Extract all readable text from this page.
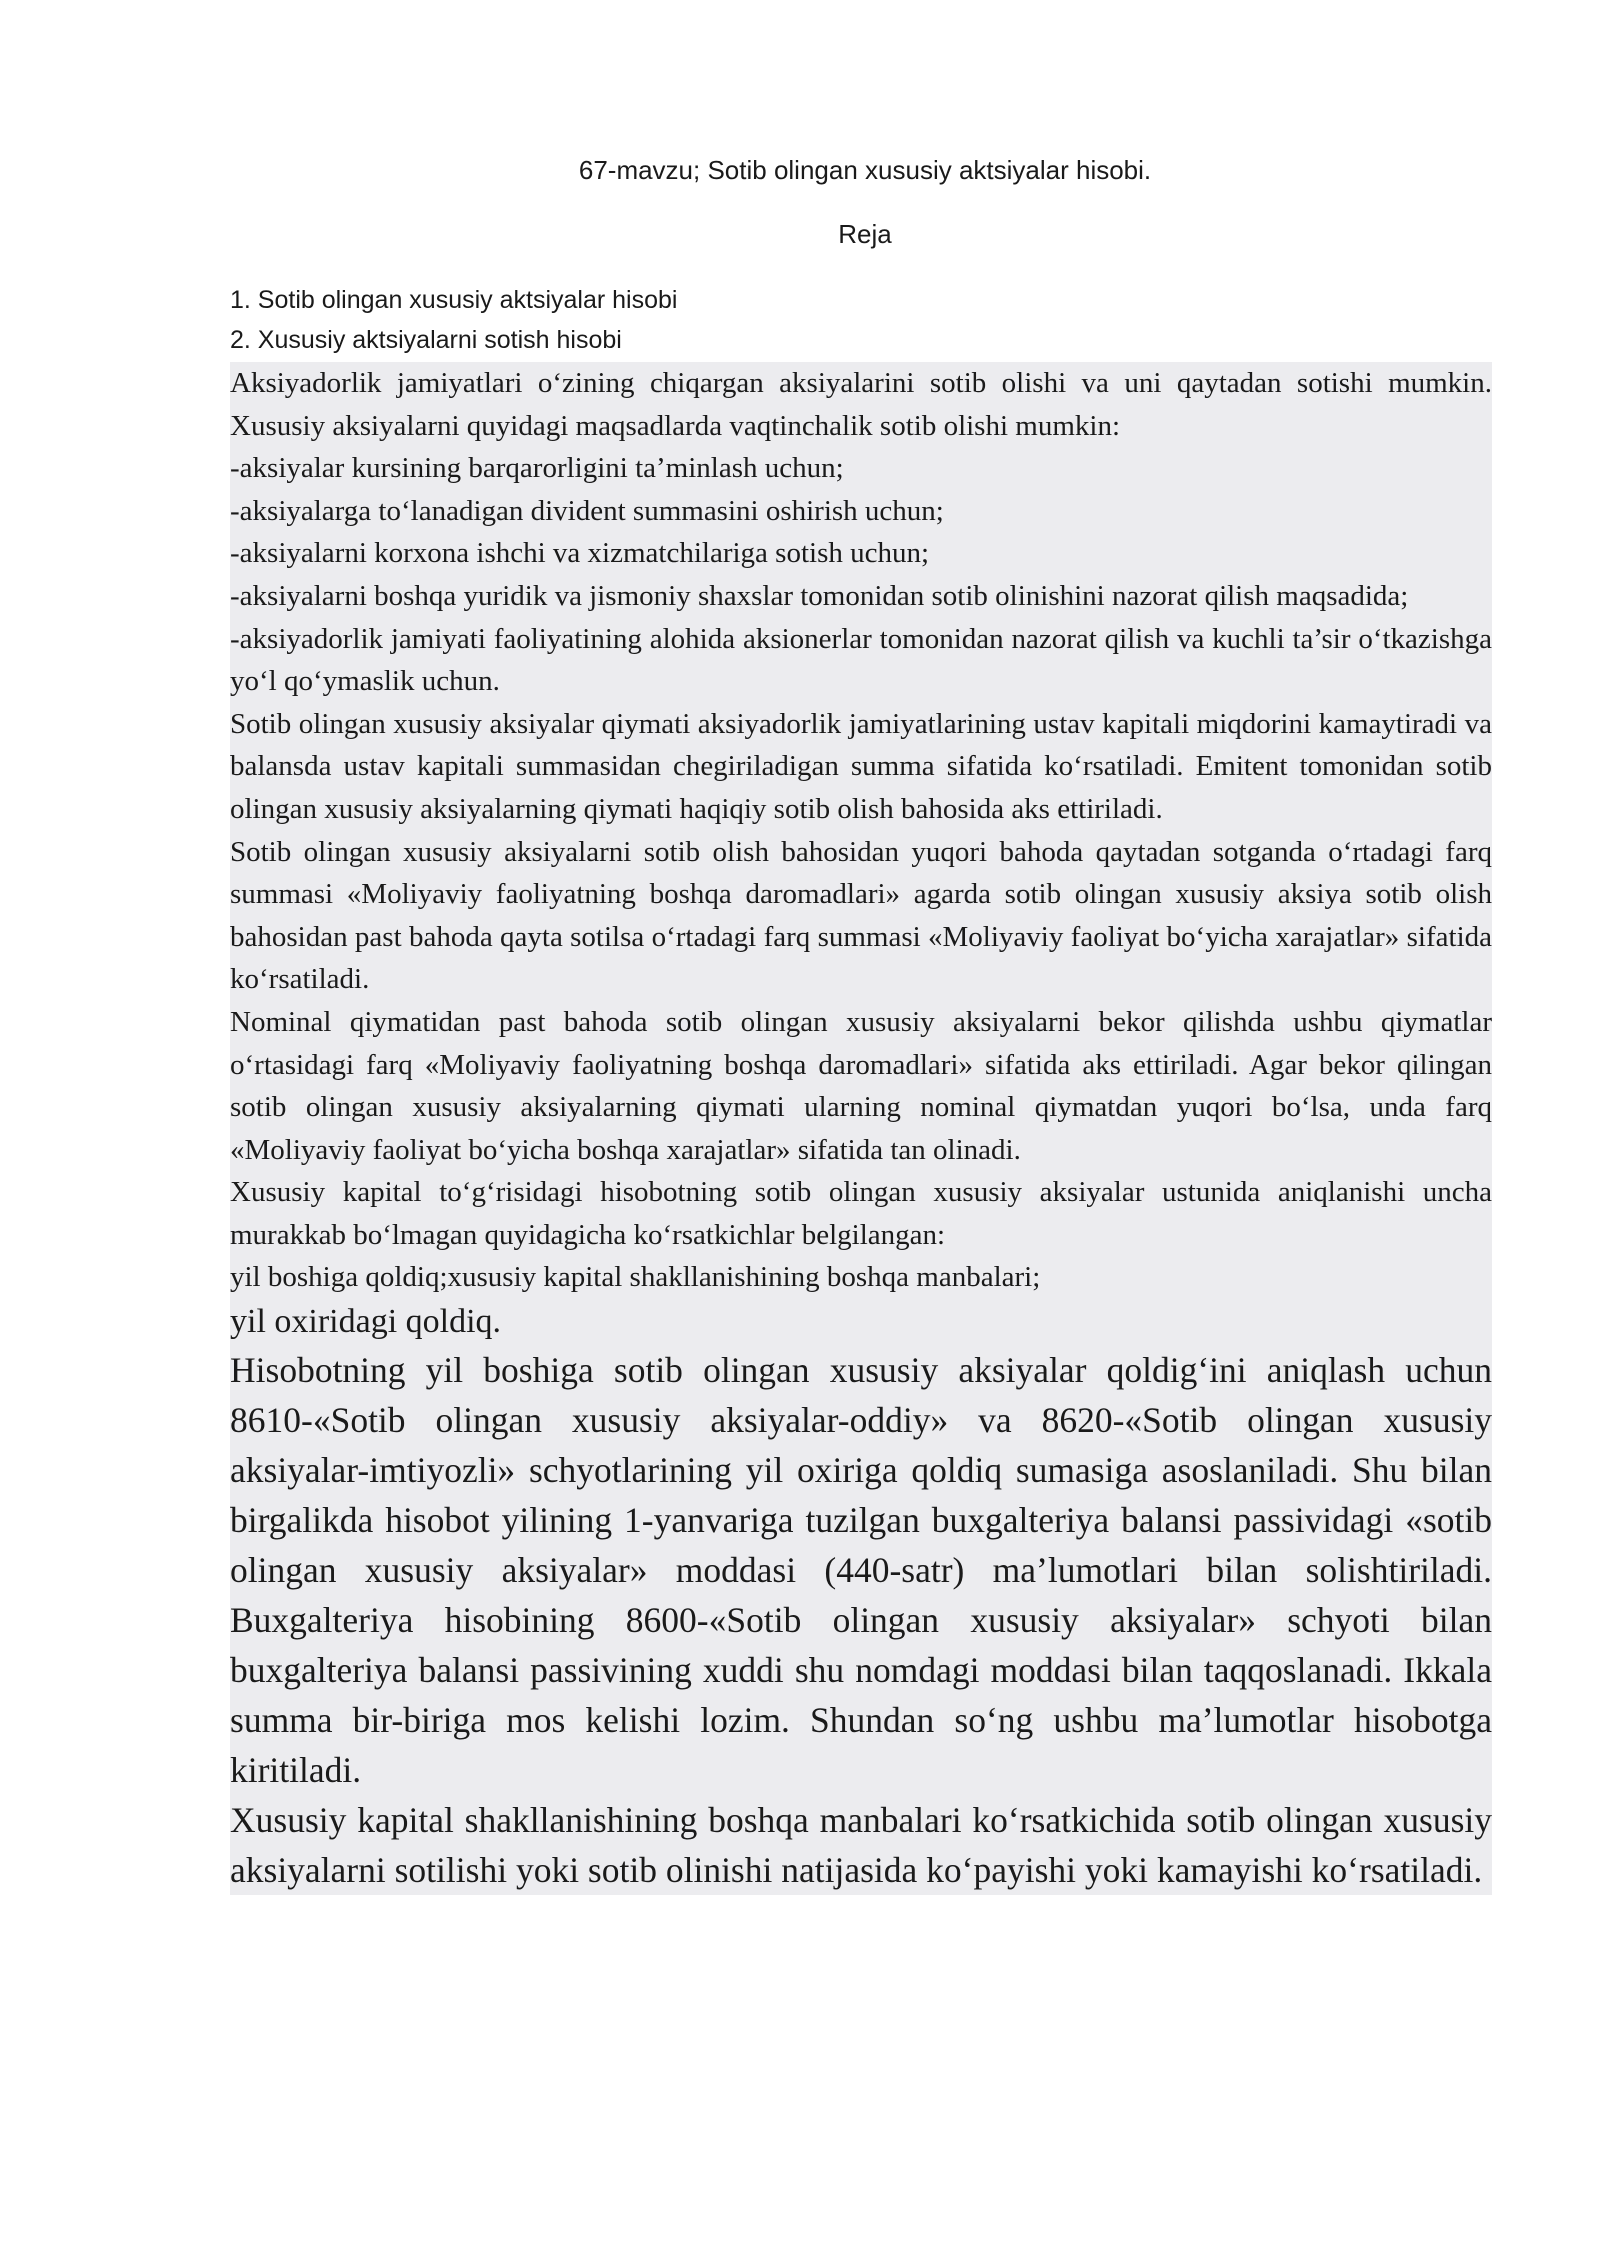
67-mavzu; Sotib olingan xususiy aktsiyalar hisobi.
Reja
1. Sotib olingan xususiy aktsiyalar hisobi
2. Xususiy aktsiyalarni sotish hisobi

Aksiyadorlik jamiyatlari o‘zining chiqargan aksiyalarini sotib olishi va uni qaytadan sotishi mumkin. Xususiy aksiyalarni quyidagi maqsadlarda vaqtinchalik sotib olishi mumkin:

-aksiyalar kursining barqarorligini ta’minlash uchun;

-aksiyalarga to‘lanadigan divident summasini oshirish uchun;

-aksiyalarni korxona ishchi va xizmatchilariga sotish uchun;

-aksiyalarni boshqa yuridik va jismoniy shaxslar tomonidan sotib olinishini nazorat qilish maqsadida;

-aksiyadorlik jamiyati faoliyatining alohida aksionerlar tomonidan nazorat qilish va kuchli ta’sir o‘tkazishga yo‘l qo‘ymaslik uchun.

Sotib olingan xususiy aksiyalar qiymati aksiyadorlik jamiyatlarining ustav kapitali miqdorini kamaytiradi va balansda ustav kapitali summasidan chegiriladigan summa sifatida ko‘rsatiladi. Emitent tomonidan sotib olingan xususiy aksiyalarning qiymati haqiqiy sotib olish bahosida aks ettiriladi.

Sotib olingan xususiy aksiyalarni sotib olish bahosidan yuqori bahoda qaytadan sotganda o‘rtadagi farq summasi «Moliyaviy faoliyatning boshqa daromadlari» agarda sotib olingan xususiy aksiya sotib olish bahosidan past bahoda qayta sotilsa o‘rtadagi farq summasi «Moliyaviy faoliyat bo‘yicha xarajatlar» sifatida ko‘rsatiladi.

Nominal qiymatidan past bahoda sotib olingan xususiy aksiyalarni bekor qilishda ushbu qiymatlar o‘rtasidagi farq «Moliyaviy faoliyatning boshqa daromadlari» sifatida aks ettiriladi. Agar bekor qilingan sotib olingan xususiy aksiyalarning qiymati ularning nominal qiymatdan yuqori bo‘lsa, unda farq «Moliyaviy faoliyat bo‘yicha boshqa xarajatlar» sifatida tan olinadi.

Xususiy kapital to‘g‘risidagi hisobotning sotib olingan xususiy aksiyalar ustunida aniqlanishi uncha murakkab bo‘lmagan quyidagicha ko‘rsatkichlar belgilangan:

yil boshiga qoldiq;xususiy kapital shakllanishining boshqa manbalari;

yil oxiridagi qoldiq.

Hisobotning yil boshiga sotib olingan xususiy aksiyalar qoldig‘ini aniqlash uchun 8610-«Sotib olingan xususiy aksiyalar-oddiy» va 8620-«Sotib olingan xususiy aksiyalar-imtiyozli» schyotlarining yil oxiriga qoldiq sumasiga asoslaniladi. Shu bilan birgalikda hisobot yilining 1-yanvariga tuzilgan buxgalteriya balansi passividagi «sotib olingan xususiy aksiyalar» moddasi (440-satr) ma’lumotlari bilan solishtiriladi. Buxgalteriya hisobining 8600-«Sotib olingan xususiy aksiyalar» schyoti bilan buxgalteriya balansi passivining xuddi shu nomdagi moddasi bilan taqqoslanadi. Ikkala summa bir-biriga mos kelishi lozim. Shundan so‘ng ushbu ma’lumotlar hisobotga kiritiladi.

Xususiy kapital shakllanishining boshqa manbalari ko‘rsatkichida sotib olingan xususiy aksiyalarni sotilishi yoki sotib olinishi natijasida ko‘payishi yoki kamayishi ko‘rsatiladi.
